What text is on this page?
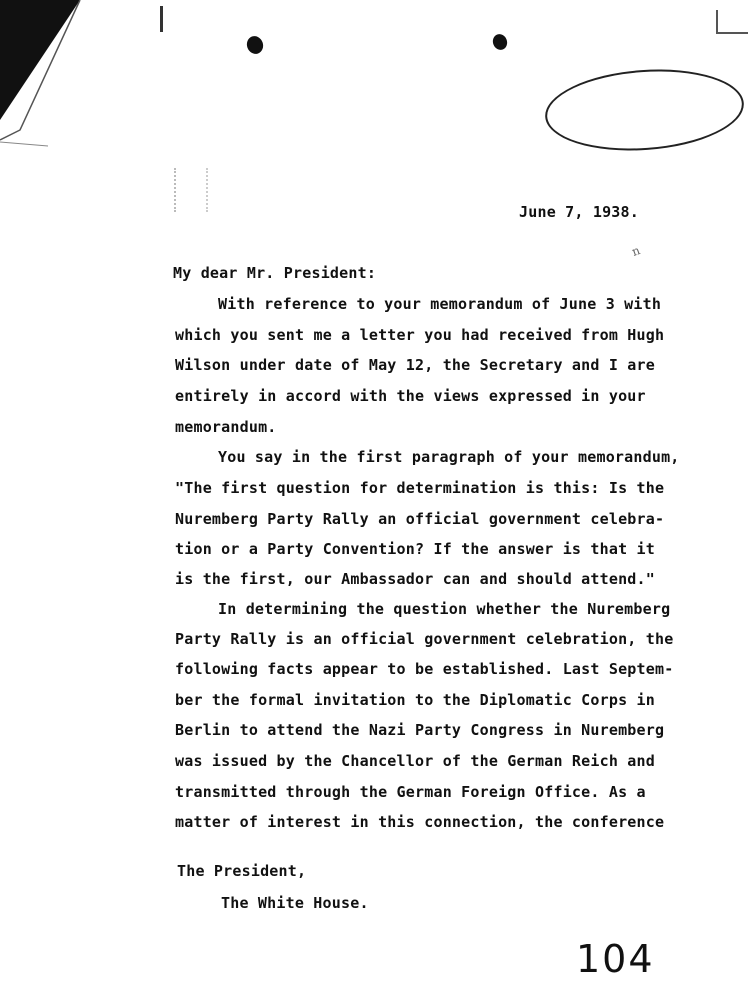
n
June 7, 1938.
My dear Mr. President:
With reference to your memorandum of June 3 with
which you sent me a letter you had received from Hugh
Wilson under date of May 12, the Secretary and I are
entirely in accord with the views expressed in your
memorandum.
You say in the first paragraph of your memorandum,
"The first question for determination is this: Is the
Nuremberg Party Rally an official government celebra-
tion or a Party Convention? If the answer is that it
is the first, our Ambassador can and should attend."
In determining the question whether the Nuremberg
Party Rally is an official government celebration, the
following facts appear to be established. Last Septem-
ber the formal invitation to the Diplomatic Corps in
Berlin to attend the Nazi Party Congress in Nuremberg
was issued by the Chancellor of the German Reich and
transmitted through the German Foreign Office. As a
matter of interest in this connection, the conference
The President,
The White House.
104
